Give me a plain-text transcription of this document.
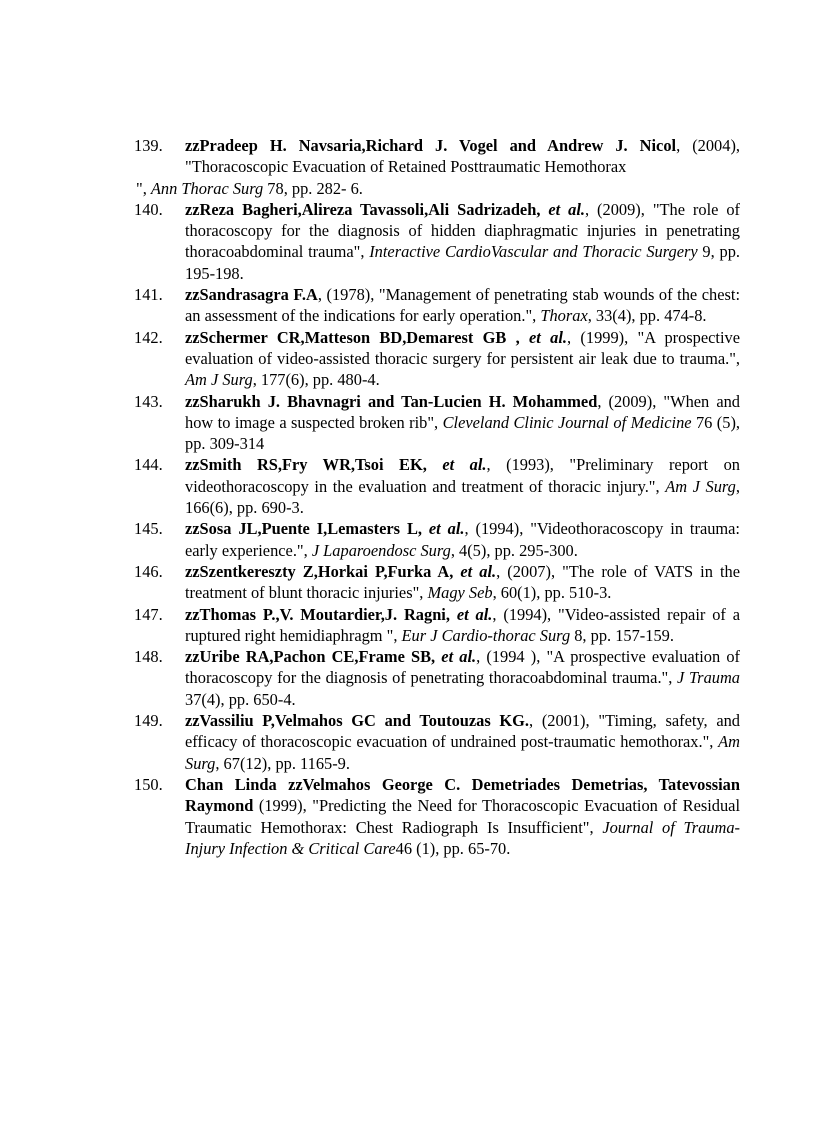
139.	zzPradeep H. Navsaria,Richard J. Vogel and Andrew J. Nicol, (2004), "Thoracoscopic Evacuation of Retained Posttraumatic Hemothorax
", Ann Thorac Surg 78, pp. 282- 6.
140.	zzReza Bagheri,Alireza Tavassoli,Ali Sadrizadeh, et al., (2009), "The role of thoracoscopy for the diagnosis of hidden diaphragmatic injuries in penetrating thoracoabdominal trauma", Interactive CardioVascular and Thoracic Surgery 9, pp. 195-198.
141.	zzSandrasagra F.A, (1978), "Management of penetrating stab wounds of the chest: an assessment of the indications for early operation.", Thorax, 33(4), pp. 474-8.
142.	zzSchermer CR,Matteson BD,Demarest GB , et al., (1999), "A prospective evaluation of video-assisted thoracic surgery for persistent air leak due to trauma.", Am J Surg, 177(6), pp. 480-4.
143.	zzSharukh J. Bhavnagri and Tan-Lucien H. Mohammed, (2009), "When and how to image a suspected broken rib", Cleveland Clinic Journal of Medicine 76 (5), pp. 309-314
144.	zzSmith RS,Fry WR,Tsoi EK, et al., (1993), "Preliminary report on videothoracoscopy in the evaluation and treatment of thoracic injury.", Am J Surg, 166(6), pp. 690-3.
145.	zzSosa JL,Puente I,Lemasters L, et al., (1994), "Videothoracoscopy in trauma: early experience.", J Laparoendosc Surg, 4(5), pp. 295-300.
146.	zzSzentkereszty Z,Horkai P,Furka A, et al., (2007), "The role of VATS in the treatment of blunt thoracic injuries", Magy Seb, 60(1), pp. 510-3.
147.	zzThomas P.,V. Moutardier,J. Ragni, et al., (1994), "Video-assisted repair of a ruptured right hemidiaphragm ", Eur J Cardio-thorac Surg 8, pp. 157-159.
148.	zzUribe RA,Pachon CE,Frame SB, et al., (1994 ), "A prospective evaluation of thoracoscopy for the diagnosis of penetrating thoracoabdominal trauma.", J Trauma 37(4), pp. 650-4.
149.	zzVassiliu P,Velmahos GC and Toutouzas KG., (2001), "Timing, safety, and efficacy of thoracoscopic evacuation of undrained post-traumatic hemothorax.", Am Surg, 67(12), pp. 1165-9.
150.	Chan Linda zzVelmahos George C. Demetriades Demetrias, Tatevossian Raymond (1999), "Predicting the Need for Thoracoscopic Evacuation of Residual Traumatic Hemothorax: Chest Radiograph Is Insufficient", Journal of Trauma-Injury Infection & Critical Care46 (1), pp. 65-70.
